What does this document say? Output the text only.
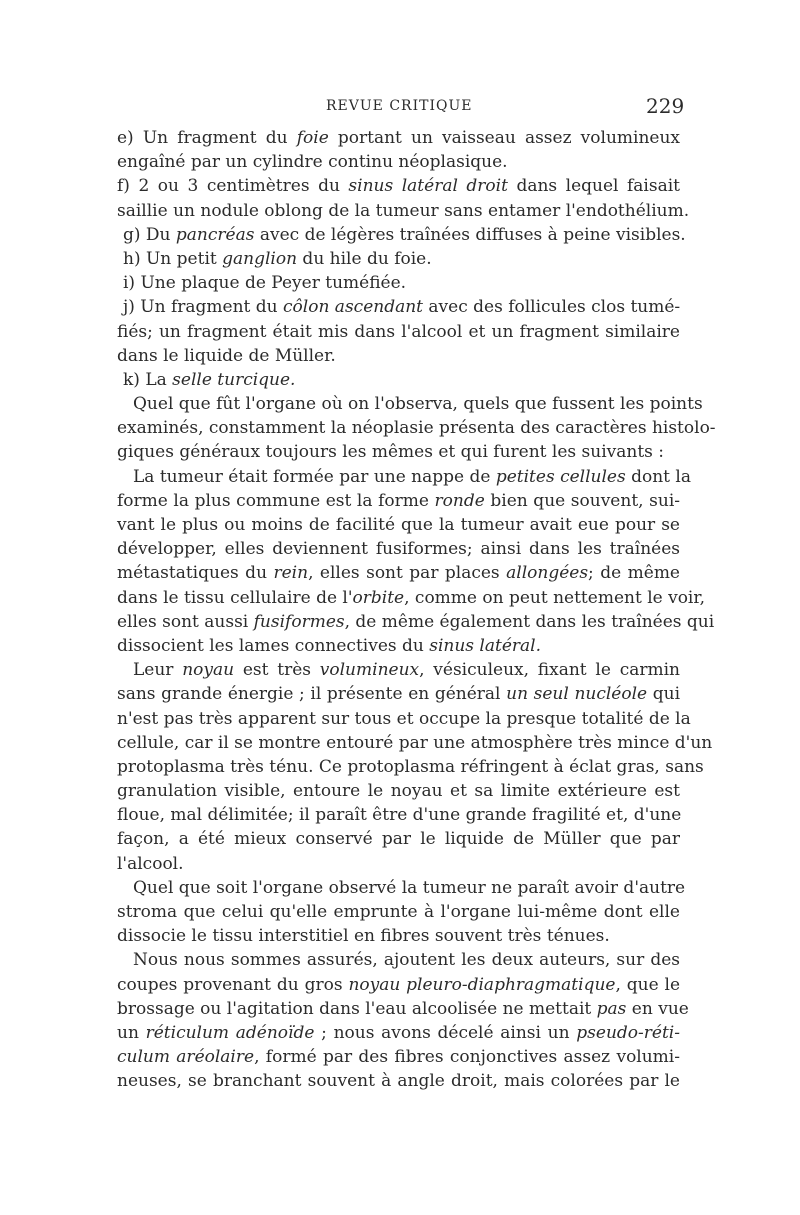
REVUE CRITIQUE	229
e) Un fragment du foie portant un vaisseau assez volumineux
engaîné par un cylindre continu néoplasique.
f) 2 ou 3 centimètres du sinus latéral droit dans lequel faisait
saillie un nodule oblong de la tumeur sans entamer l'endothélium.
g) Du pancréas avec de légères traînées diffuses à peine visibles.
h) Un petit ganglion du hile du foie.
i) Une plaque de Peyer tuméfiée.
j) Un fragment du côlon ascendant avec des follicules clos tumé-
fiés; un fragment était mis dans l'alcool et un fragment similaire
dans le liquide de Müller.
k) La selle turcique.
Quel que fût l'organe où on l'observa, quels que fussent les points
examinés, constamment la néoplasie présenta des caractères histolo-
giques généraux toujours les mêmes et qui furent les suivants :
La tumeur était formée par une nappe de petites cellules dont la
forme la plus commune est la forme ronde bien que souvent, sui-
vant le plus ou moins de facilité que la tumeur avait eue pour se
développer, elles deviennent fusiformes; ainsi dans les traînées
métastatiques du rein, elles sont par places allongées; de même
dans le tissu cellulaire de l'orbite, comme on peut nettement le voir,
elles sont aussi fusiformes, de même également dans les traînées qui
dissocient les lames connectives du sinus latéral.
Leur noyau est très volumineux, vésiculeux, fixant le carmin
sans grande énergie ; il présente en général un seul nucléole qui
n'est pas très apparent sur tous et occupe la presque totalité de la
cellule, car il se montre entouré par une atmosphère très mince d'un
protoplasma très ténu. Ce protoplasma réfringent à éclat gras, sans
granulation visible, entoure le noyau et sa limite extérieure est
floue, mal délimitée; il paraît être d'une grande fragilité et, d'une
façon, a été mieux conservé par le liquide de Müller que par
l'alcool.
Quel que soit l'organe observé la tumeur ne paraît avoir d'autre
stroma que celui qu'elle emprunte à l'organe lui-même dont elle
dissocie le tissu interstitiel en fibres souvent très ténues.
Nous nous sommes assurés, ajoutent les deux auteurs, sur des
coupes provenant du gros noyau pleuro-diaphragmatique, que le
brossage ou l'agitation dans l'eau alcoolisée ne mettait pas en vue
un réticulum adénoïde ; nous avons décelé ainsi un pseudo-réti-
culum aréolaire, formé par des fibres conjonctives assez volumi-
neuses, se branchant souvent à angle droit, mais colorées par le
